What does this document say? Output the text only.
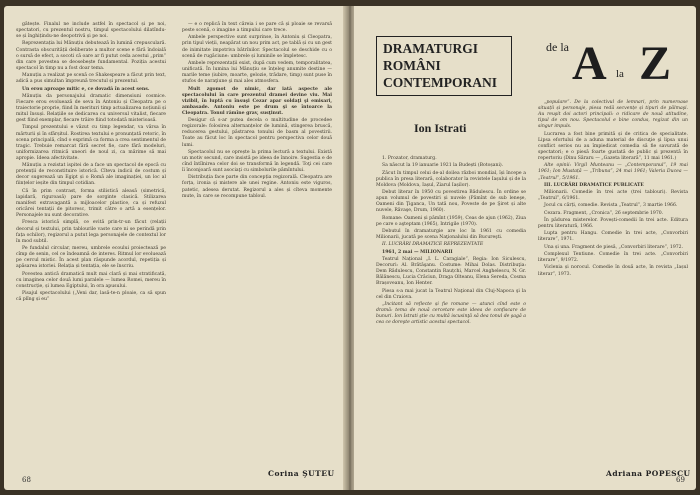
gătește. Finalul ne include astfel în spectacol și pe noi, spectatori, cu prezentul nostru, timpul spectacolului dilatîndu-se și înghițindu-ne deopotrivă și pe noi.

Reprezentația lui Mănuțiu debutează în lumină crepusculară. Contrasta obscurității deliberate a multor scene e fără îndoială o sursă de efect, a socoti că oare ar fi putut ceda acestui „prim” din care povestea se deosebește fundamental. Poziția acestui spectacol în timp nu a fost doar tema.

Manuțiu a realizat pe scenă ce Shakespeare a făcut prin text, adică a pus simultan împreună trecutul și prezentul.

Un erou aproape mitic e, ce dovadă în acest sens.

Mănuțiu da personajului dramatic dimensiuni cosmice. Fiecare erou evoluează de seva în Antoniu și Cleopatra pe o traiectorie proprie, fiind în merituri timp actualizarea noțiunii și mitul însuși. Relațiile se dedicarea cu universul vitalist, fiecare gest fiind exemplar, fiecare trăire fiind totodată misterioasă.

Timpul prezentului e văzut cu timp legendar, va vărsa în mărturii și în sfărșitul. Rostirea textului e pronunțată retoric, în scena principală, cînd o exprimă ca forma a crea sentimentul de tragic. Trebuie remarcat fără secret fie, care fără modeluri, uniformizarea ritmică uneori de noul zi, ca mărime să mai apropie. Ideea afectivitate.

Mănuțiu a rezistat ispitei de a face un spectacol de epocă cu pretenții de reconstituire istorică. Cîteva indicii de costum și decor sugerează un Egipt și o Romă ale imaginației, un loc al ființelor ieșite din timpul cotidian.

Că în prim contrast, forma stilistică aleasă (simetrică, lapidară, riguroasă) pare de sorginte clasică. Stilizarea manifest extravagantă a mijloacelor plastice, ca și refuzul oricărei tentații de pitoresc, trimit către o artă a esențelor. Personajele nu sunt decorative.

Fresca istorică simplă, ce evită prin-tr-un făcut (relații decorul și textului, prin tablourile vaste care ni se perindă prin fața ochilor), regizorul a putut lega personajele de contextul lor în mod subtil.

Pe fundalul circular, mereu, umbrele ecoului proiectează pe cîmp de senin, cel ce îndeamnă de interes. Ritmul lor evoluează pe cercul mistic. În acest plan răspunde acordul, repetiția și apăsarea istoriei. Relația și tentația, ele se înscriu.

Povestea antică dramatică mult mai clară și mai stratificată, cu imaginea celor două lumi paralele — lumea Romei, mereu în construcție, și lumea Egiptului, în ora apusului.

Pisajul spectacolului („Veni dar, lasă-te-n ploaie, ca să spun că plîng și eu”

— e o replică în text căreia i se pare că și ploaie se revarsă peste scenă, o imagine a timpului care trece.

Ambele perspective sunt surprinse, în Antoniu și Cleopatra, prin tipul vieții, neapărat un nou prim act, pe tablă și cu un gest de inimitate impotriva bătrînilor. Spectacolul se deschide cu o scenă de rugăciune: umbrele și luminile se împletesc.

Ambele reprezentații exist, după cum vedem, temporalitatea, unificată. În lumina lui Mănuțiu se înțeleg anumite destine — marile teme (iubire, moarte, gelozie, trădare, timp) sunt puse în stufos de naraţiune şi mai ales atmosfera.

Mult zgomot de nimic, dar iată aspecte ale spectacolului în care prezentul dramei devine viu. Mai vizibil, în luptă cu însuşi Cezar apar soldaţi şi emisari, ambasade. Antoniu este pe drum şi se întoarce la Cleopatra. Tonul rămîne grav, susţinut.

Desigur că s-ar putea decela o multitudine de procedee regizorale: folosirea alternanțelor de lumină, stingerea bruscă, reducerea gestului, păstrarea tonului de basm al povestirii. Toate au făcut loc în spectacol pentru perspectiva celor două lumi.

Spectacolul nu se oprește la prima lectură a textului. Există un motiv secund, care insistă pe ideea de înnoire. Sugestia e de cînd întîlnirea celor doi se transformă în legendă. Toţi cei care îi înconjoară sunt asociaţi cu simbolurile pămîntului.

Distribuția face parte din concepția regizorală. Cleopatra are forța, ironia și mistere ale unei regine. Antoniu este viguros, patetic, adesea derutat. Regizorul a ales și cîteva momente mute, în care se recompune tabloul.

Corina ŞUTEU
68
DRAMATURGI
ROMÂNI
CONTEMPORANI
de la A la Z
Ion Istrati

1. Prozator, dramaturg.

Sa născut la 19 ianuarie 1921 la Budești (Botoșani).

Zăcut în timpul celui de-al doilea război mondial, își începe a publica în presa literară, colaborator la revistele Iașului și de la Moldova (Moldova, Iașul, Ziarul Iașilor).

Debut literar în 1950 cu povestirea Bădulescu. În ordine se apun volumul de povestiri și nuvele (Pămînt de sub leneşe, Oameni din Ţiganca, Un tată nou, Poveste de pe Şiret și alte nuvele, Răvaşe, Drum, 1960).

Romane: Oameni și pămînt (1959), Ceas de ajun (1962), Ziua pe care o aşteptam (1965), Intrigile (1970).

Debutul în dramaturgie are loc în 1961 cu comedia Milionarii, jucată pe scena Naţionalului din Bucureşti.

II. LUCRĂRI DRAMATICE REPREZENTATE

1961, 2 mai — MILIONARII

Teatrul Național „I. L. Caragiale”, Regia: Ion Siculescu, Decoruri: Al. Brătăşanu. Costume: Mihai Dolas. Distribuţia: Dem Rădulescu, Constantin Rauțchi, Marcel Anghelescu, N. Gr. Bălănescu, Lucia Crăciun, Draga Olteanu, Elena Sereda, Cosma Brașoveanu, Ion Henter.

Piesa s-a mai jucat la Teatrul Naţional din Cluj-Napoca şi la cel din Craiova.

„Incitant să reflecte și fie romane — atunci cînd este o dramă: tema de nouă cercetare este ideea de confiscare de bunuri. Ion Istrati ştie cu multă iscusinţă să dea tonul de şagă a cea ce doreşte artistic acestui spectacol.

„populare“. De la colectivul de lemnari, prin numeroase situații și personaje, piesa redă secvențe și tipuri de pălmaşi. Au reuşit doi actori principali: o ridicare de nouă atitudine, tipul de om nou. Spectacolul e bine condus, regizat din un singur impuls.

Lucrarea a fost bine primită și de critica de specialitate. Lipsa efortului de a aduna material de discuţie şi lipsa unui conflict serios nu au împiedicat comedia să fie savurată de spectatori; e o piesă foarte gustată de public și prezentă în repertoriu (Dinu Săraru — „Gazeta literară”, 11 mai 1961.)

Alte opinii: Virgil Munteanu — „Contemporanul”, 19 mai 1961; Ion Mustață — „Tribuna”, 24 mai 1961; Valeria Ducea — „Teatrul”, 5/1961.

III. LUCRĂRI DRAMATICE PUBLICATE

Milionarii. Comedie în trei acte (trei tablouri). Revista „Teatrul”, 6/1961.

Jocul cu cărți, comedie. Revista „Teatrul”, 3 martie 1966.

Cezara. Fragment, „Cronica”, 26 septembrie 1970.

În pădurea misterelor. Povești-comedii în trei acte. Editura pentru literatură, 1966.

Lupta pentru Hangu. Comedie în trei acte, „Convorbiri literare”, 1971.

Una și una. Fragment de piesă, „Convorbiri literare”, 1972.

Complexul Tentiune. Comedie în trei acte. „Convorbiri literare”, 9/1972.

Viclenia și norocul. Comedie în două acte, în revista „Iașul literar”, 1973.

Adriana POPESCU
69
